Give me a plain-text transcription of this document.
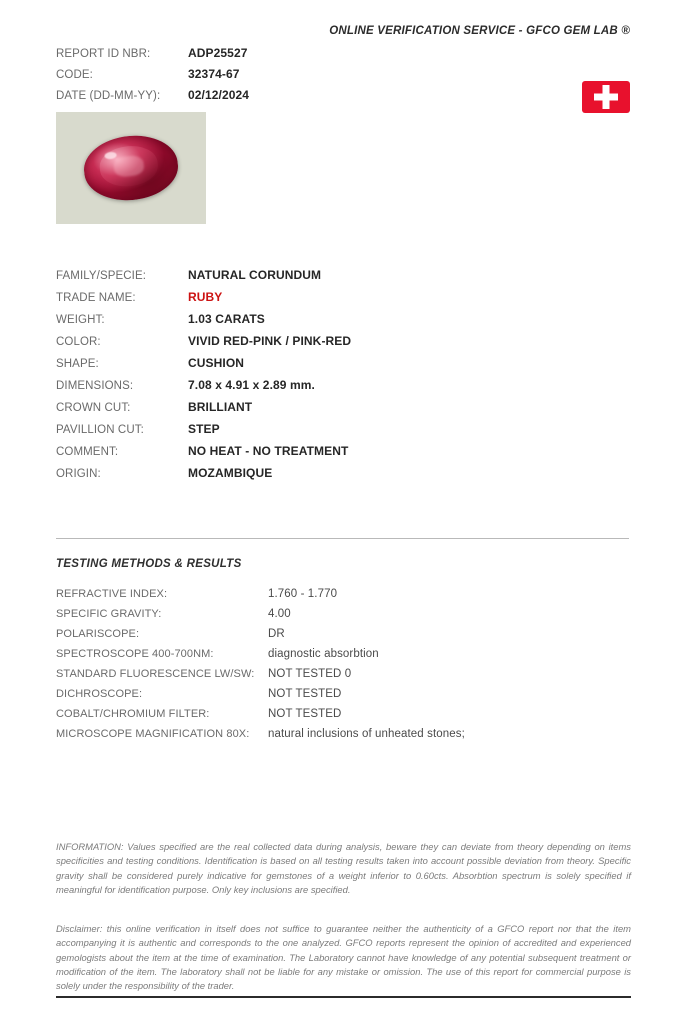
ONLINE VERIFICATION SERVICE - GFCO GEM LAB ®
REPORT ID NBR:	ADP25527
CODE:	32374-67
DATE (DD-MM-YY):	02/12/2024
FAMILY/SPECIE:	NATURAL CORUNDUM
TRADE NAME:	RUBY
WEIGHT:	1.03 CARATS
COLOR:	VIVID RED-PINK / PINK-RED
SHAPE:	CUSHION
DIMENSIONS:	7.08 x 4.91 x 2.89 mm.
CROWN CUT:	BRILLIANT
PAVILLION CUT:	STEP
COMMENT:	NO HEAT - NO TREATMENT
ORIGIN:	MOZAMBIQUE
TESTING METHODS & RESULTS
REFRACTIVE INDEX:	1.760 - 1.770
SPECIFIC GRAVITY:	4.00
POLARISCOPE:	DR
SPECTROSCOPE 400-700NM:	diagnostic absorbtion
STANDARD FLUORESCENCE LW/SW:	NOT TESTED 0
DICHROSCOPE:	NOT TESTED
COBALT/CHROMIUM FILTER:	NOT TESTED
MICROSCOPE MAGNIFICATION 80X:	natural inclusions of unheated stones;
INFORMATION: Values specified are the real collected data during analysis, beware they can deviate from theory depending on items specificities and testing conditions. Identification is based on all testing results taken into account possible deviation from theory. Specific gravity shall be considered purely indicative for gemstones of a weight inferior to 0.60cts. Absorbtion spectrum is solely specified if meaningful for identification purpose. Only key inclusions are specified.
Disclaimer: this online verification in itself does not suffice to guarantee neither the authenticity of a GFCO report nor that the item accompanying it is authentic and corresponds to the one analyzed. GFCO reports represent the opinion of accredited and experienced gemologists about the item at the time of examination. The Laboratory cannot have knowledge of any potential subsequent treatment or modification of the item. The laboratory shall not be liable for any mistake or omission. The use of this report for commercial purpose is solely under the responsibility of the trader.
